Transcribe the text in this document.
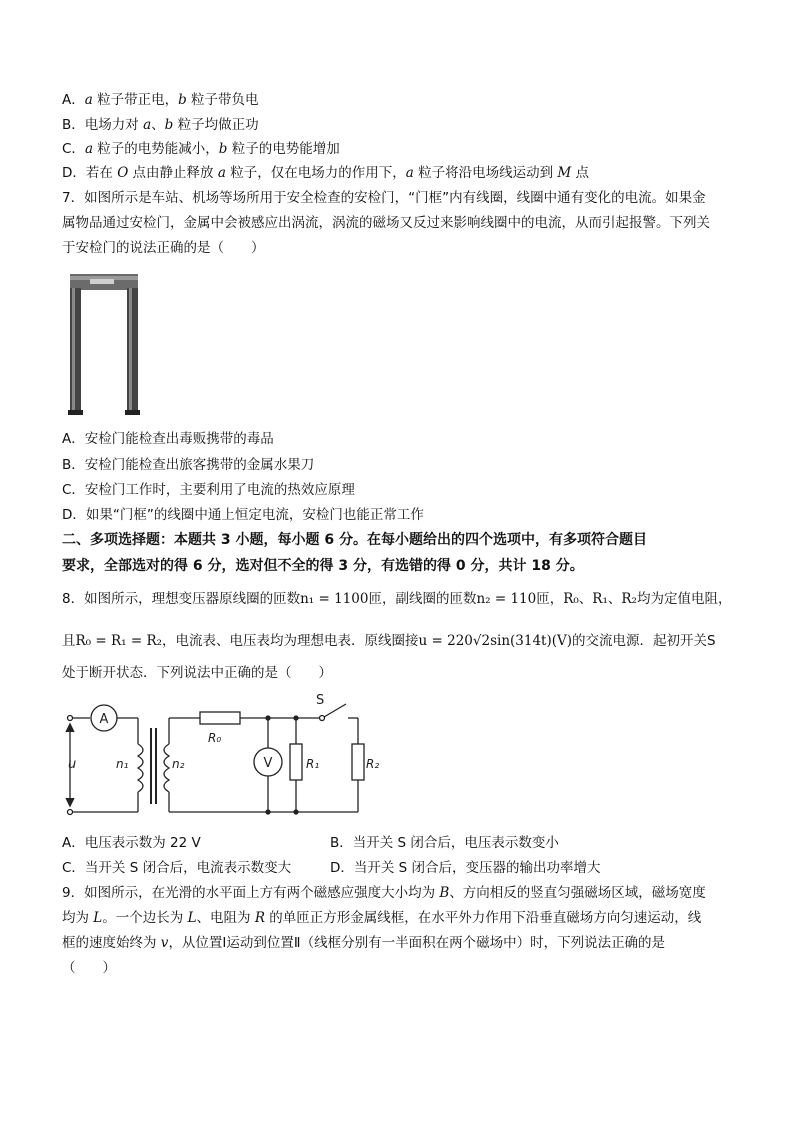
A．a 粒子带正电，b 粒子带负电
B．电场力对 a、b 粒子均做正功
C．a 粒子的电势能减小，b 粒子的电势能增加
D．若在 O 点由静止释放 a 粒子，仅在电场力的作用下，a 粒子将沿电场线运动到 M 点
7．如图所示是车站、机场等场所用于安全检查的安检门，“门框”内有线圈，线圈中通有变化的电流。如果金
属物品通过安检门，金属中会被感应出涡流，涡流的磁场又反过来影响线圈中的电流，从而引起报警。下列关
于安检门的说法正确的是（　　）
A．安检门能检查出毒贩携带的毒品
B．安检门能检查出旅客携带的金属水果刀
C．安检门工作时，主要利用了电流的热效应原理
D．如果“门框”的线圈中通上恒定电流，安检门也能正常工作
二、多项选择题：本题共 3 小题，每小题 6 分。在每小题给出的四个选项中，有多项符合题目
要求，全部选对的得 6 分，选对但不全的得 3 分，有选错的得 0 分，共计 18 分。
8．如图所示，理想变压器原线圈的匝数n₁ = 1100匝，副线圈的匝数n₂ = 110匝，R₀、R₁、R₂均为定值电阻，
且R₀ = R₁ = R₂，电流表、电压表均为理想电表．原线圈接u = 220√2sin(314t)(V)的交流电源．起初开关S
处于断开状态．下列说法中正确的是（　　）
A
u	n₁	n₂
R₀
V	R₁
S
R₂
A．电压表示数为 22 V	B．当开关 S 闭合后，电压表示数变小
C．当开关 S 闭合后，电流表示数变大	D．当开关 S 闭合后，变压器的输出功率增大
9．如图所示，在光滑的水平面上方有两个磁感应强度大小均为 B、方向相反的竖直匀强磁场区域，磁场宽度
均为 L。一个边长为 L、电阻为 R 的单匝正方形金属线框，在水平外力作用下沿垂直磁场方向匀速运动，线
框的速度始终为 v，从位置Ⅰ运动到位置Ⅱ（线框分别有一半面积在两个磁场中）时，下列说法正确的是
（　　）
